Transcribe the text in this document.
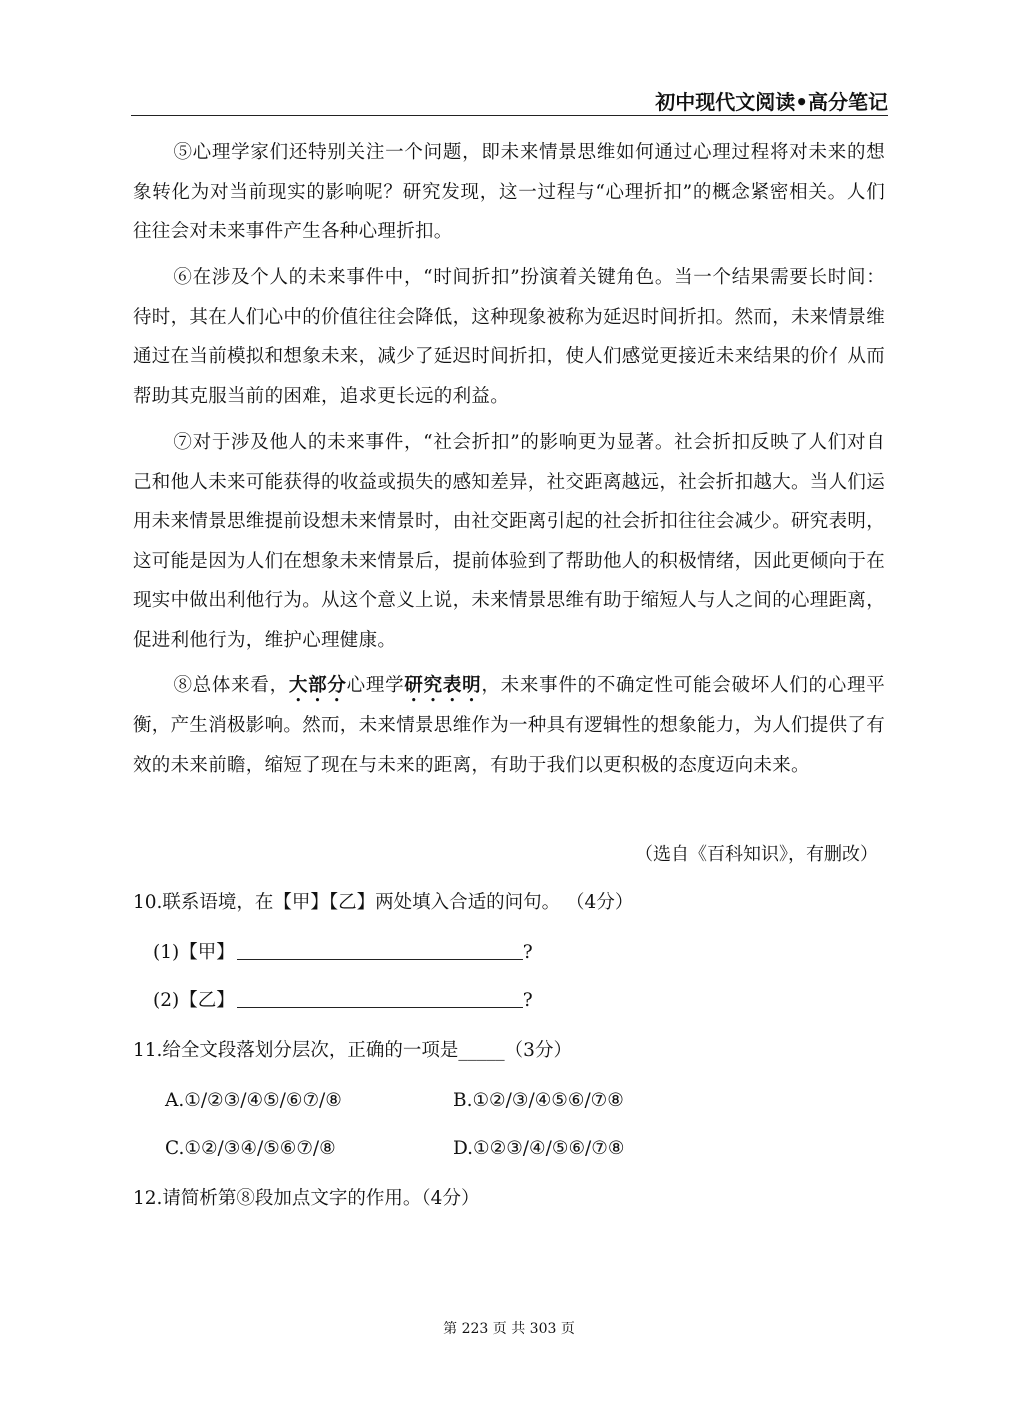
初中现代文阅读•高分笔记
⑤心理学家们还特别关注一个问题，即未来情景思维如何通过心理过程将对未来的想象转化为对当前现实的影响呢？研究发现，这一过程与“心理折扣”的概念紧密相关。人们往往会对未来事件产生各种心理折扣。
⑥在涉及个人的未来事件中，“时间折扣”扮演着关键角色。当一个结果需要长时间：待时，其在人们心中的价值往往会降低，这种现象被称为延迟时间折扣。然而，未来情景维通过在当前模拟和想象未来，减少了延迟时间折扣，使人们感觉更接近未来结果的价亻从而帮助其克服当前的困难，追求更长远的利益。
⑦对于涉及他人的未来事件，“社会折扣”的影响更为显著。社会折扣反映了人们对自己和他人未来可能获得的收益或损失的感知差异，社交距离越远，社会折扣越大。当人们运用未来情景思维提前设想未来情景时，由社交距离引起的社会折扣往往会减少。研究表明，这可能是因为人们在想象未来情景后，提前体验到了帮助他人的积极情绪，因此更倾向于在现实中做出利他行为。从这个意义上说，未来情景思维有助于缩短人与人之间的心理距离，促进利他行为，维护心理健康。
⑧总体来看，大部分心理学研究表明，未来事件的不确定性可能会破坏人们的心理平衡，产生消极影响。然而，未来情景思维作为一种具有逻辑性的想象能力，为人们提供了有效的未来前瞻，缩短了现在与未来的距离，有助于我们以更积极的态度迈向未来。
（选自《百科知识》，有删改）
10.联系语境，在【甲】【乙】两处填入合适的问句。 （4分）
(1)【甲】	?
(2)【乙】	?
11.给全文段落划分层次，正确的一项是_____（3分）
A.①/②③/④⑤/⑥⑦/⑧	B.①②/③/④⑤⑥/⑦⑧
C.①②/③④/⑤⑥⑦/⑧	D.①②③/④/⑤⑥/⑦⑧
12.请简析第⑧段加点文字的作用。（4分）
第 223 页 共 303 页
